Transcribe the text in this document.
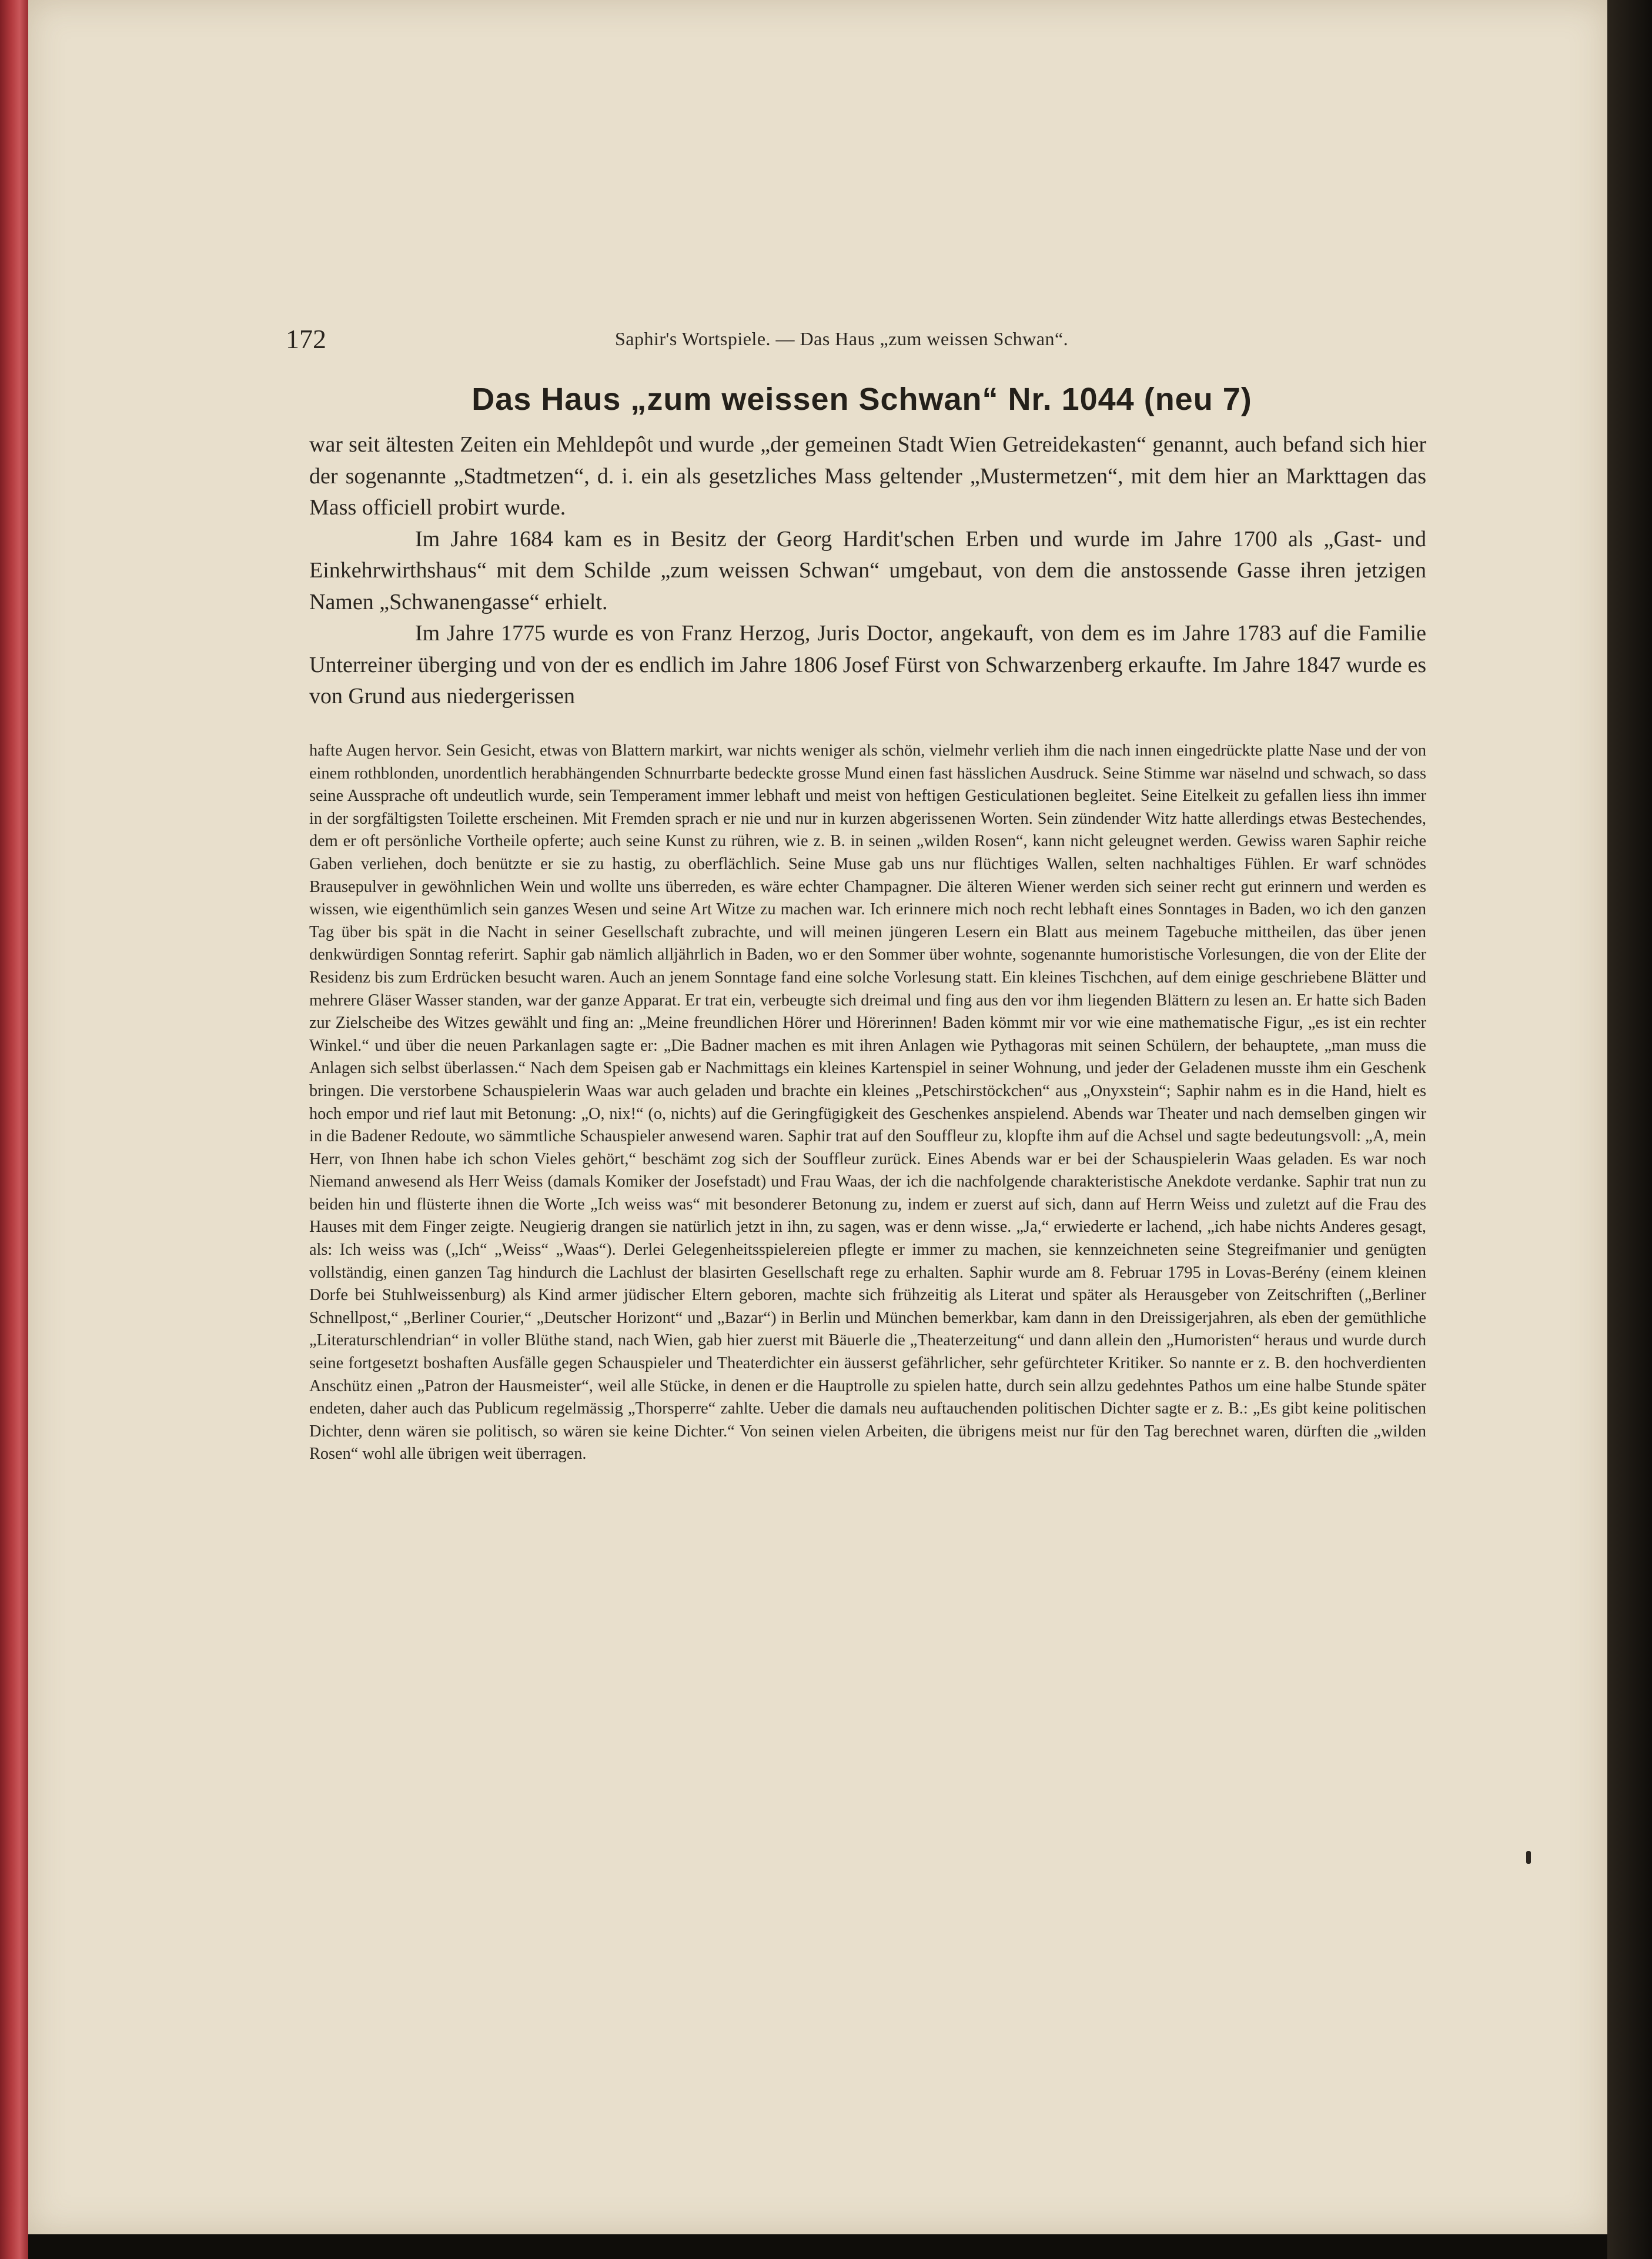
172	Saphir's Wortspiele. — Das Haus „zum weissen Schwan“.
Das Haus „zum weissen Schwan“ Nr. 1044 (neu 7)

war seit ältesten Zeiten ein Mehldepôt und wurde „der gemeinen Stadt Wien Getreidekasten“ genannt, auch befand sich hier der sogenannte „Stadtmetzen“, d. i. ein als gesetzliches Mass geltender „Mustermetzen“, mit dem hier an Markttagen das Mass officiell probirt wurde.

Im Jahre 1684 kam es in Besitz der Georg Hardit'schen Erben und wurde im Jahre 1700 als „Gast- und Einkehrwirthshaus“ mit dem Schilde „zum weissen Schwan“ umgebaut, von dem die anstossende Gasse ihren jetzigen Namen „Schwanengasse“ erhielt.

Im Jahre 1775 wurde es von Franz Herzog, Juris Doctor, angekauft, von dem es im Jahre 1783 auf die Familie Unterreiner überging und von der es endlich im Jahre 1806 Josef Fürst von Schwarzenberg erkaufte. Im Jahre 1847 wurde es von Grund aus niedergerissen

hafte Augen hervor. Sein Gesicht, etwas von Blattern markirt, war nichts weniger als schön, vielmehr verlieh ihm die nach innen eingedrückte platte Nase und der von einem rothblonden, unordentlich herabhängenden Schnurrbarte bedeckte grosse Mund einen fast hässlichen Ausdruck. Seine Stimme war näselnd und schwach, so dass seine Aussprache oft undeutlich wurde, sein Temperament immer lebhaft und meist von heftigen Gesticulationen begleitet. Seine Eitelkeit zu gefallen liess ihn immer in der sorgfältigsten Toilette erscheinen. Mit Fremden sprach er nie und nur in kurzen abgerissenen Worten. Sein zündender Witz hatte allerdings etwas Bestechendes, dem er oft persönliche Vortheile opferte; auch seine Kunst zu rühren, wie z. B. in seinen „wilden Rosen“, kann nicht geleugnet werden. Gewiss waren Saphir reiche Gaben verliehen, doch benützte er sie zu hastig, zu oberflächlich. Seine Muse gab uns nur flüchtiges Wallen, selten nachhaltiges Fühlen. Er warf schnödes Brausepulver in gewöhnlichen Wein und wollte uns überreden, es wäre echter Champagner. Die älteren Wiener werden sich seiner recht gut erinnern und werden es wissen, wie eigenthümlich sein ganzes Wesen und seine Art Witze zu machen war. Ich erinnere mich noch recht lebhaft eines Sonntages in Baden, wo ich den ganzen Tag über bis spät in die Nacht in seiner Gesellschaft zubrachte, und will meinen jüngeren Lesern ein Blatt aus meinem Tagebuche mittheilen, das über jenen denkwürdigen Sonntag referirt. Saphir gab nämlich alljährlich in Baden, wo er den Sommer über wohnte, sogenannte humoristische Vorlesungen, die von der Elite der Residenz bis zum Erdrücken besucht waren. Auch an jenem Sonntage fand eine solche Vorlesung statt. Ein kleines Tischchen, auf dem einige geschriebene Blätter und mehrere Gläser Wasser standen, war der ganze Apparat. Er trat ein, verbeugte sich dreimal und fing aus den vor ihm liegenden Blättern zu lesen an. Er hatte sich Baden zur Zielscheibe des Witzes gewählt und fing an: „Meine freundlichen Hörer und Hörerinnen! Baden kömmt mir vor wie eine mathematische Figur, „es ist ein rechter Winkel.“ und über die neuen Parkanlagen sagte er: „Die Badner machen es mit ihren Anlagen wie Pythagoras mit seinen Schülern, der behauptete, „man muss die Anlagen sich selbst überlassen.“ Nach dem Speisen gab er Nachmittags ein kleines Kartenspiel in seiner Wohnung, und jeder der Geladenen musste ihm ein Geschenk bringen. Die verstorbene Schauspielerin Waas war auch geladen und brachte ein kleines „Petschirstöckchen“ aus „Onyxstein“; Saphir nahm es in die Hand, hielt es hoch empor und rief laut mit Betonung: „O, nix!“ (o, nichts) auf die Geringfügigkeit des Geschenkes anspielend. Abends war Theater und nach demselben gingen wir in die Badener Redoute, wo sämmtliche Schauspieler anwesend waren. Saphir trat auf den Souffleur zu, klopfte ihm auf die Achsel und sagte bedeutungsvoll: „A, mein Herr, von Ihnen habe ich schon Vieles gehört,“ beschämt zog sich der Souffleur zurück. Eines Abends war er bei der Schauspielerin Waas geladen. Es war noch Niemand anwesend als Herr Weiss (damals Komiker der Josefstadt) und Frau Waas, der ich die nachfolgende charakteristische Anekdote verdanke. Saphir trat nun zu beiden hin und flüsterte ihnen die Worte „Ich weiss was“ mit besonderer Betonung zu, indem er zuerst auf sich, dann auf Herrn Weiss und zuletzt auf die Frau des Hauses mit dem Finger zeigte. Neugierig drangen sie natürlich jetzt in ihn, zu sagen, was er denn wisse. „Ja,“ erwiederte er lachend, „ich habe nichts Anderes gesagt, als: Ich weiss was („Ich“ „Weiss“ „Waas“). Derlei Gelegenheitsspielereien pflegte er immer zu machen, sie kennzeichneten seine Stegreifmanier und genügten vollständig, einen ganzen Tag hindurch die Lachlust der blasirten Gesellschaft rege zu erhalten. Saphir wurde am 8. Februar 1795 in Lovas-Berény (einem kleinen Dorfe bei Stuhlweissenburg) als Kind armer jüdischer Eltern geboren, machte sich frühzeitig als Literat und später als Herausgeber von Zeitschriften („Berliner Schnellpost,“ „Berliner Courier,“ „Deutscher Horizont“ und „Bazar“) in Berlin und München bemerkbar, kam dann in den Dreissigerjahren, als eben der gemüthliche „Literaturschlendrian“ in voller Blüthe stand, nach Wien, gab hier zuerst mit Bäuerle die „Theaterzeitung“ und dann allein den „Humoristen“ heraus und wurde durch seine fortgesetzt boshaften Ausfälle gegen Schauspieler und Theaterdichter ein äusserst gefährlicher, sehr gefürchteter Kritiker. So nannte er z. B. den hochverdienten Anschütz einen „Patron der Hausmeister“, weil alle Stücke, in denen er die Hauptrolle zu spielen hatte, durch sein allzu gedehntes Pathos um eine halbe Stunde später endeten, daher auch das Publicum regelmässig „Thorsperre“ zahlte. Ueber die damals neu auftauchenden politischen Dichter sagte er z. B.: „Es gibt keine politischen Dichter, denn wären sie politisch, so wären sie keine Dichter.“ Von seinen vielen Arbeiten, die übrigens meist nur für den Tag berechnet waren, dürften die „wilden Rosen“ wohl alle übrigen weit überragen.
